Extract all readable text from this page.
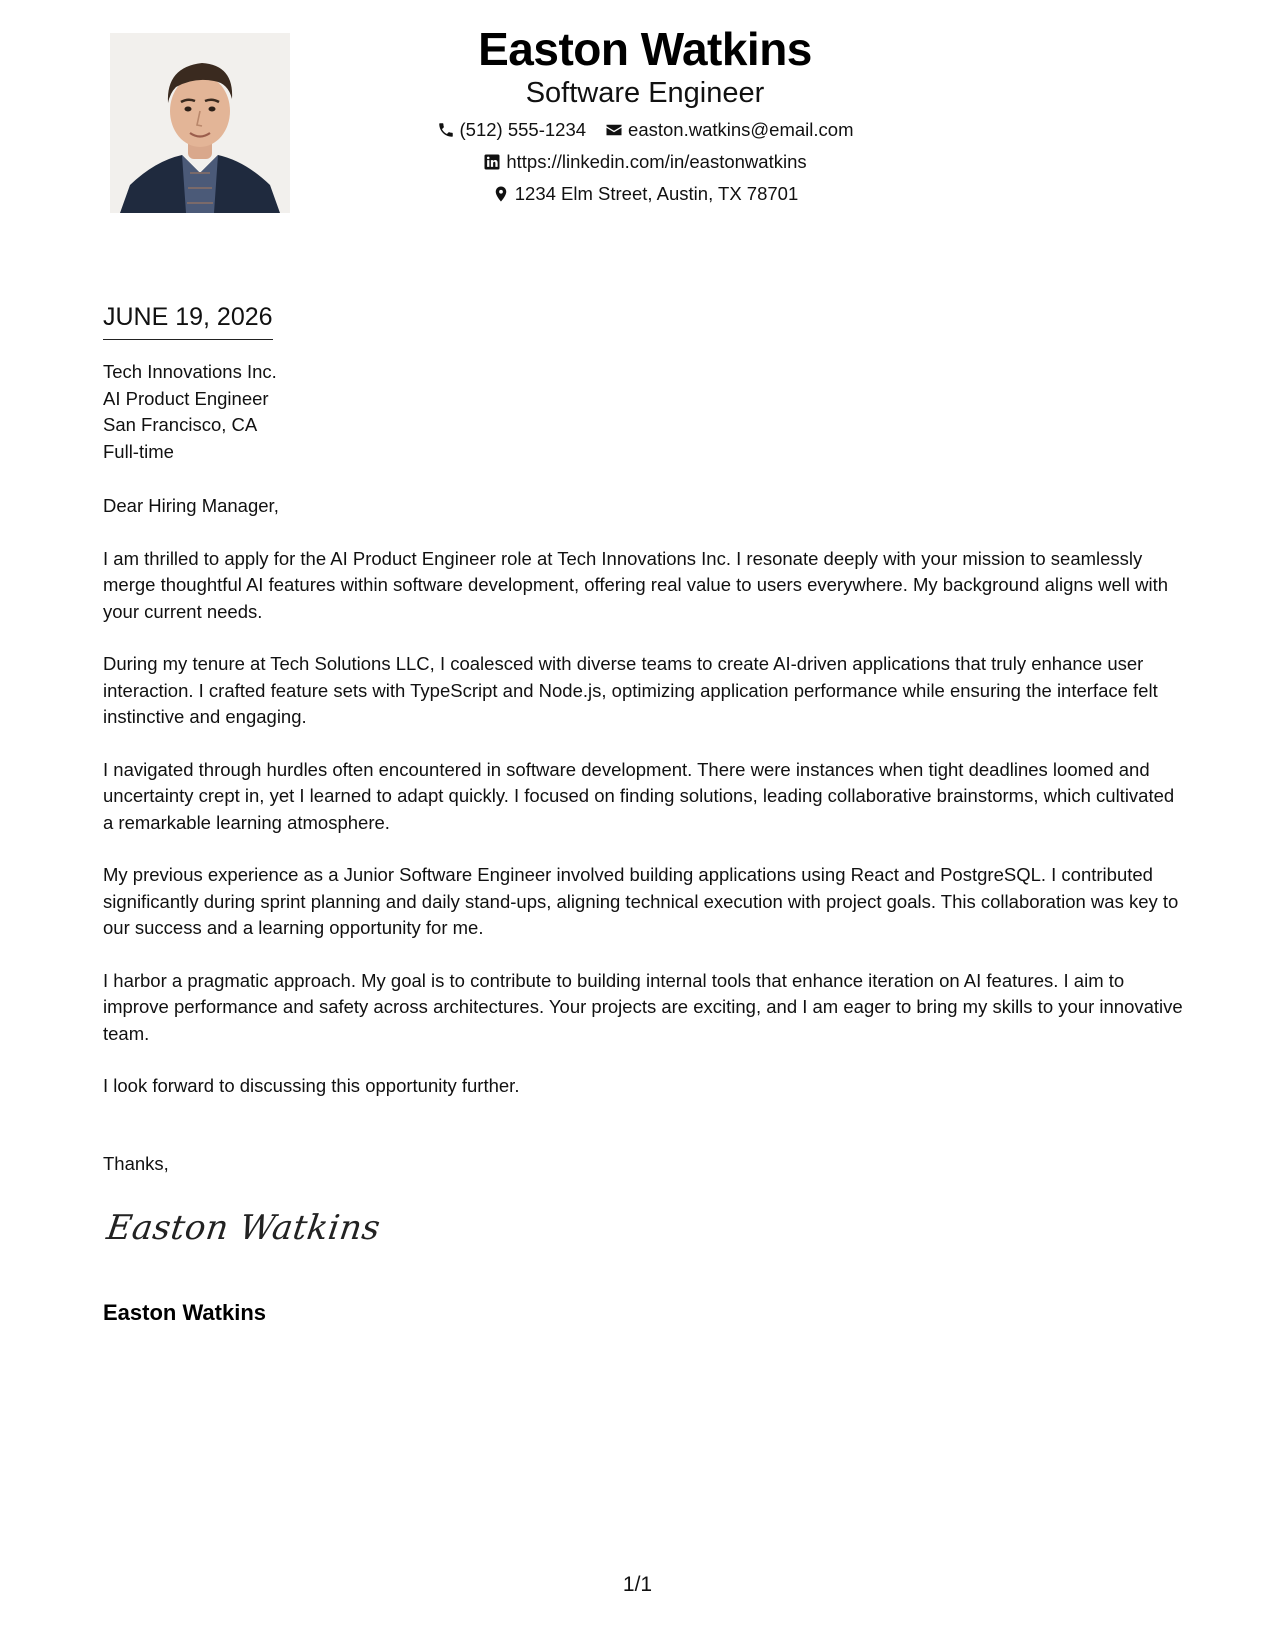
Easton Watkins
Software Engineer
(512) 555-1234 easton.watkins@email.com
https://linkedin.com/in/eastonwatkins
1234 Elm Street, Austin, TX 78701
JUNE 19, 2026
Tech Innovations Inc.
AI Product Engineer
San Francisco, CA
Full-time

Dear Hiring Manager,

I am thrilled to apply for the AI Product Engineer role at Tech Innovations Inc. I resonate deeply with your mission to seamlessly merge thoughtful AI features within software development, offering real value to users everywhere. My background aligns well with your current needs.

During my tenure at Tech Solutions LLC, I coalesced with diverse teams to create AI-driven applications that truly enhance user interaction. I crafted feature sets with TypeScript and Node.js, optimizing application performance while ensuring the interface felt instinctive and engaging.

I navigated through hurdles often encountered in software development. There were instances when tight deadlines loomed and uncertainty crept in, yet I learned to adapt quickly. I focused on finding solutions, leading collaborative brainstorms, which cultivated a remarkable learning atmosphere.

My previous experience as a Junior Software Engineer involved building applications using React and PostgreSQL. I contributed significantly during sprint planning and daily stand-ups, aligning technical execution with project goals. This collaboration was key to our success and a learning opportunity for me.

I harbor a pragmatic approach. My goal is to contribute to building internal tools that enhance iteration on AI features. I aim to improve performance and safety across architectures. Your projects are exciting, and I am eager to bring my skills to your innovative team.

I look forward to discussing this opportunity further.

Thanks,
Easton Watkins
Easton Watkins
1/1
